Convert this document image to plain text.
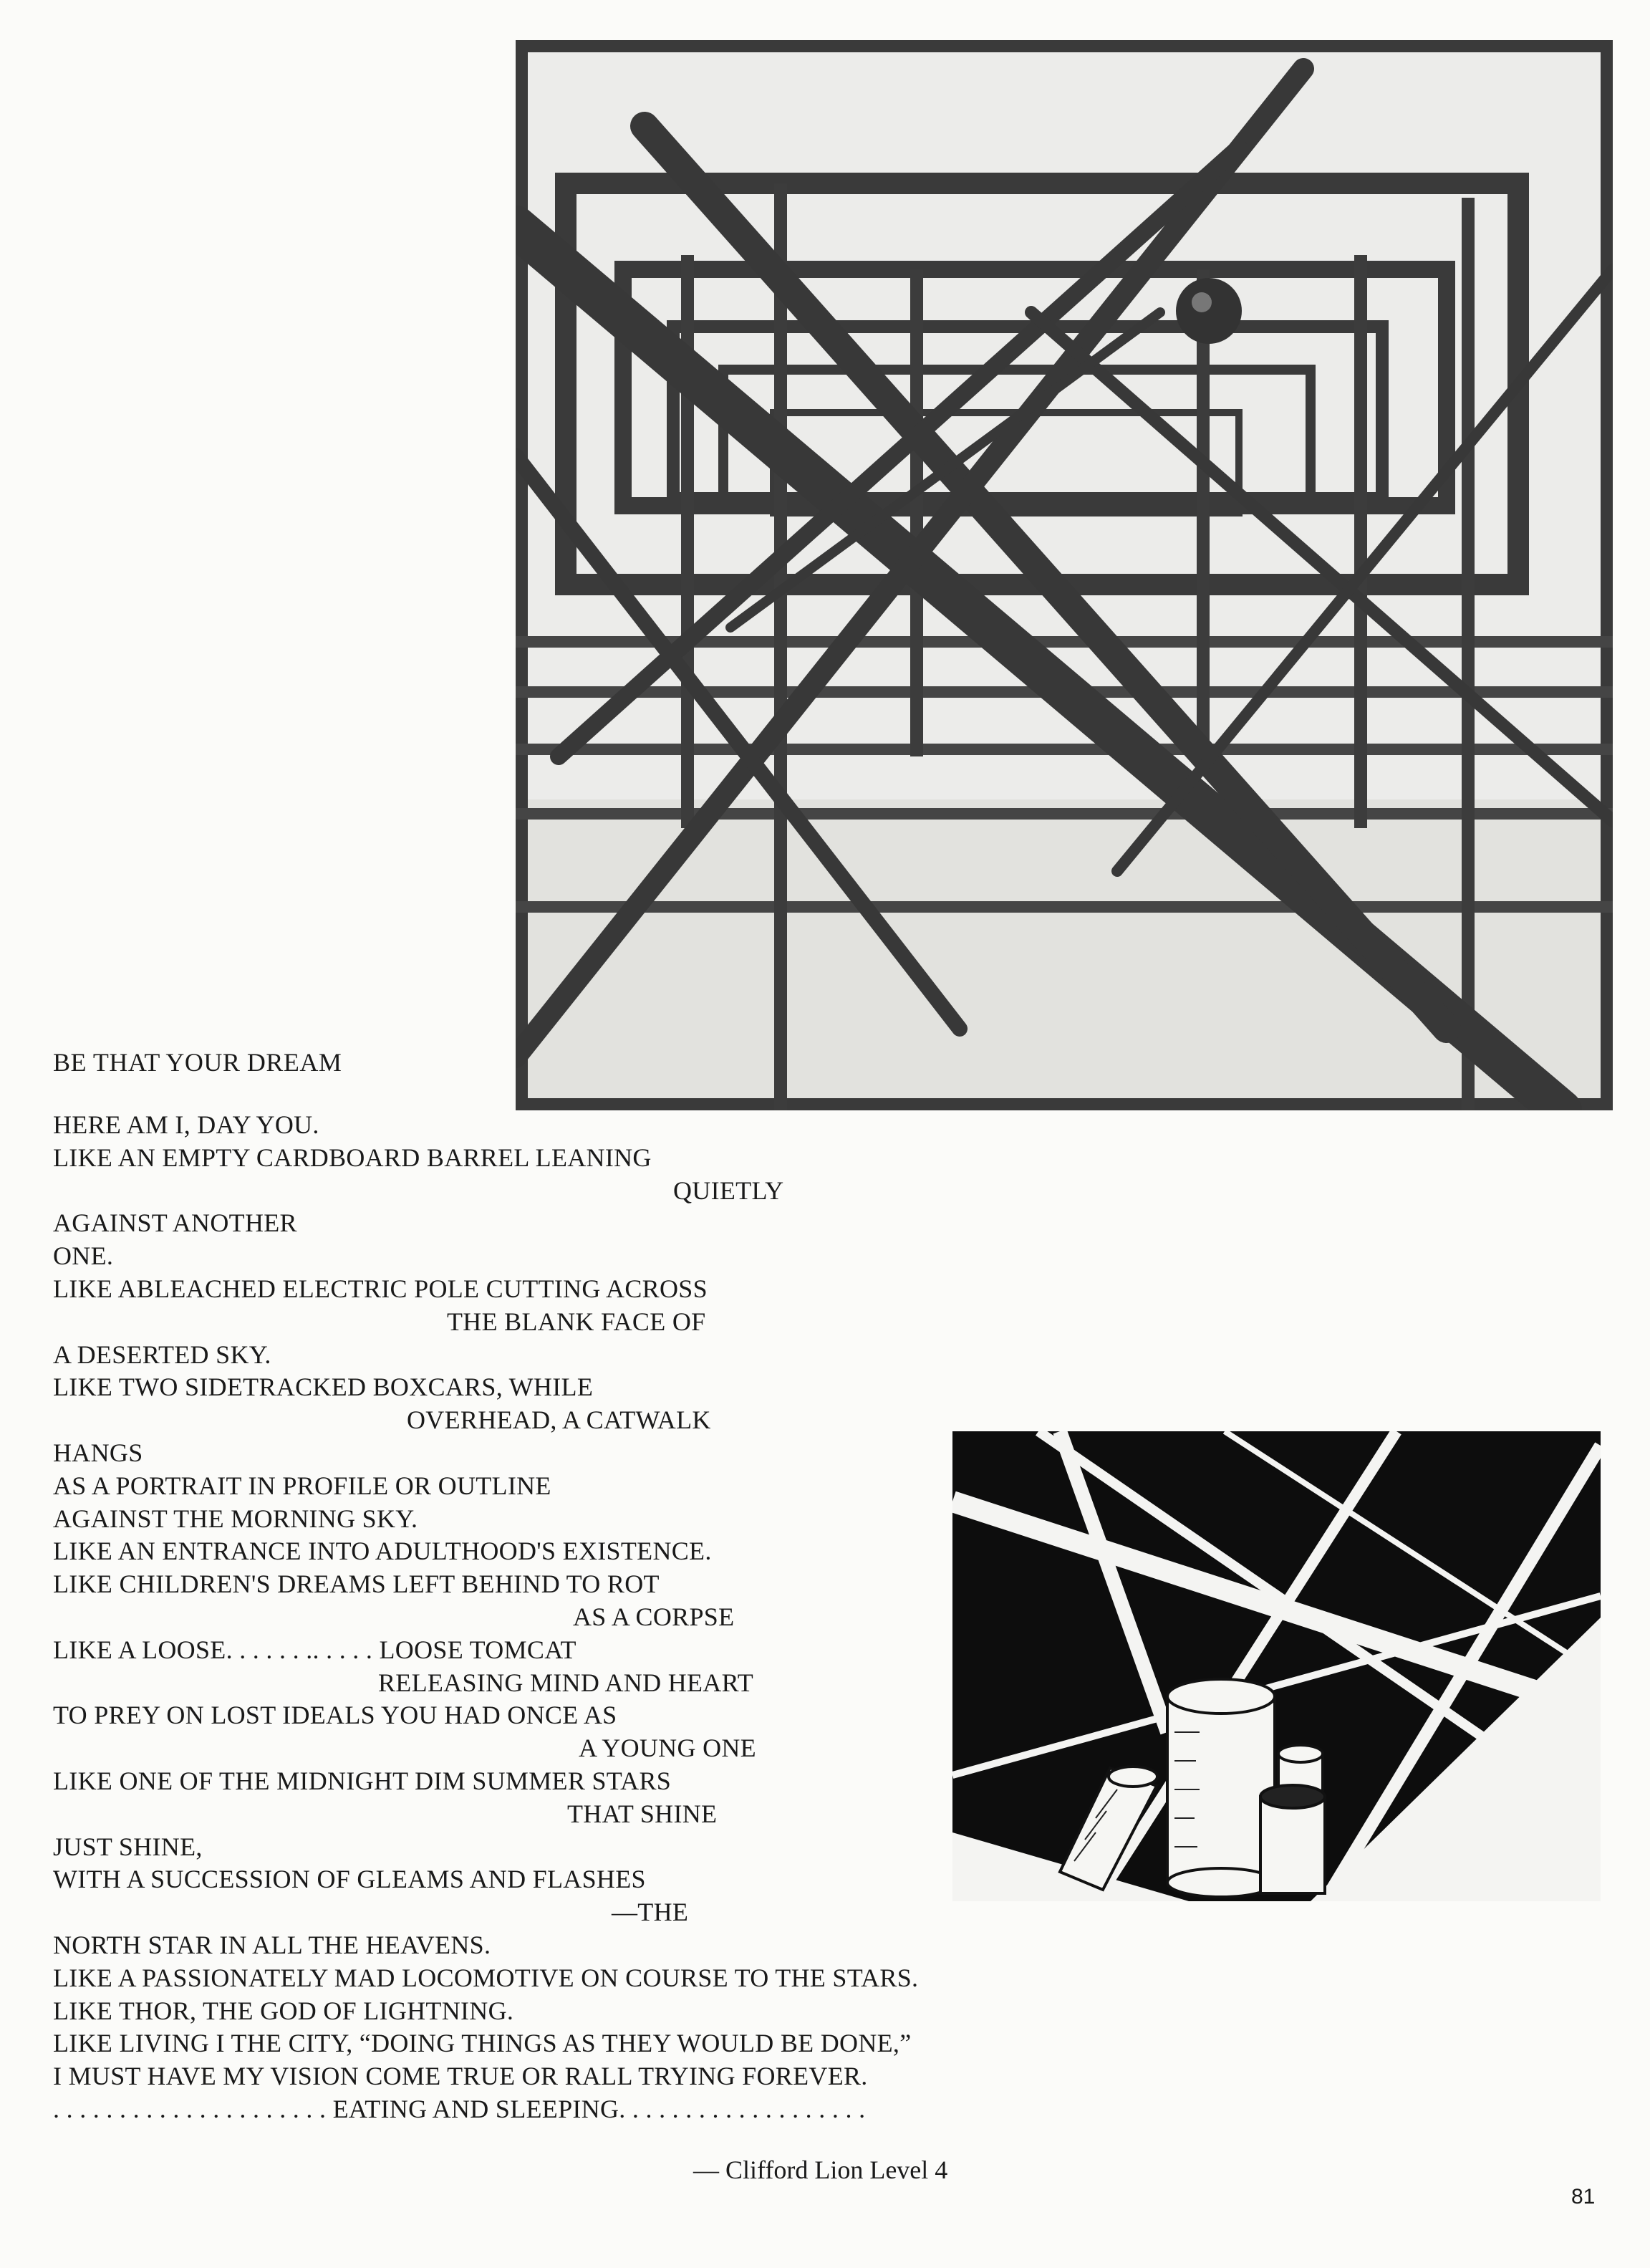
BE THAT YOUR DREAM
HERE AM I, DAY YOU.
LIKE AN EMPTY CARDBOARD BARREL LEANING
QUIETLY
AGAINST ANOTHER
ONE.
LIKE ABLEACHED ELECTRIC POLE CUTTING ACROSS
THE BLANK FACE OF
A DESERTED SKY.
LIKE TWO SIDETRACKED BOXCARS, WHILE
OVERHEAD, A CATWALK
HANGS
AS A PORTRAIT IN PROFILE OR OUTLINE
AGAINST THE MORNING SKY.
LIKE AN ENTRANCE INTO ADULTHOOD'S EXISTENCE.
LIKE CHILDREN'S DREAMS LEFT BEHIND TO ROT
AS A CORPSE
LIKE A LOOSE. . . . . . .. . . . . LOOSE TOMCAT
RELEASING MIND AND HEART
TO PREY ON LOST IDEALS YOU HAD ONCE AS
A YOUNG ONE
LIKE ONE OF THE MIDNIGHT DIM SUMMER STARS
THAT SHINE
JUST SHINE,
WITH A SUCCESSION OF GLEAMS AND FLASHES
—THE
NORTH STAR IN ALL THE HEAVENS.
LIKE A PASSIONATELY MAD LOCOMOTIVE ON COURSE TO THE STARS.
LIKE THOR, THE GOD OF LIGHTNING.
LIKE LIVING I THE CITY, “DOING THINGS AS THEY WOULD BE DONE,”
I MUST HAVE MY VISION COME TRUE OR RALL TRYING FOREVER.
. . . . . . . . . . . . . . . . . . . . . EATING AND SLEEPING. . . . . . . . . . . . . . . . . . .
— Clifford Lion Level 4
81
